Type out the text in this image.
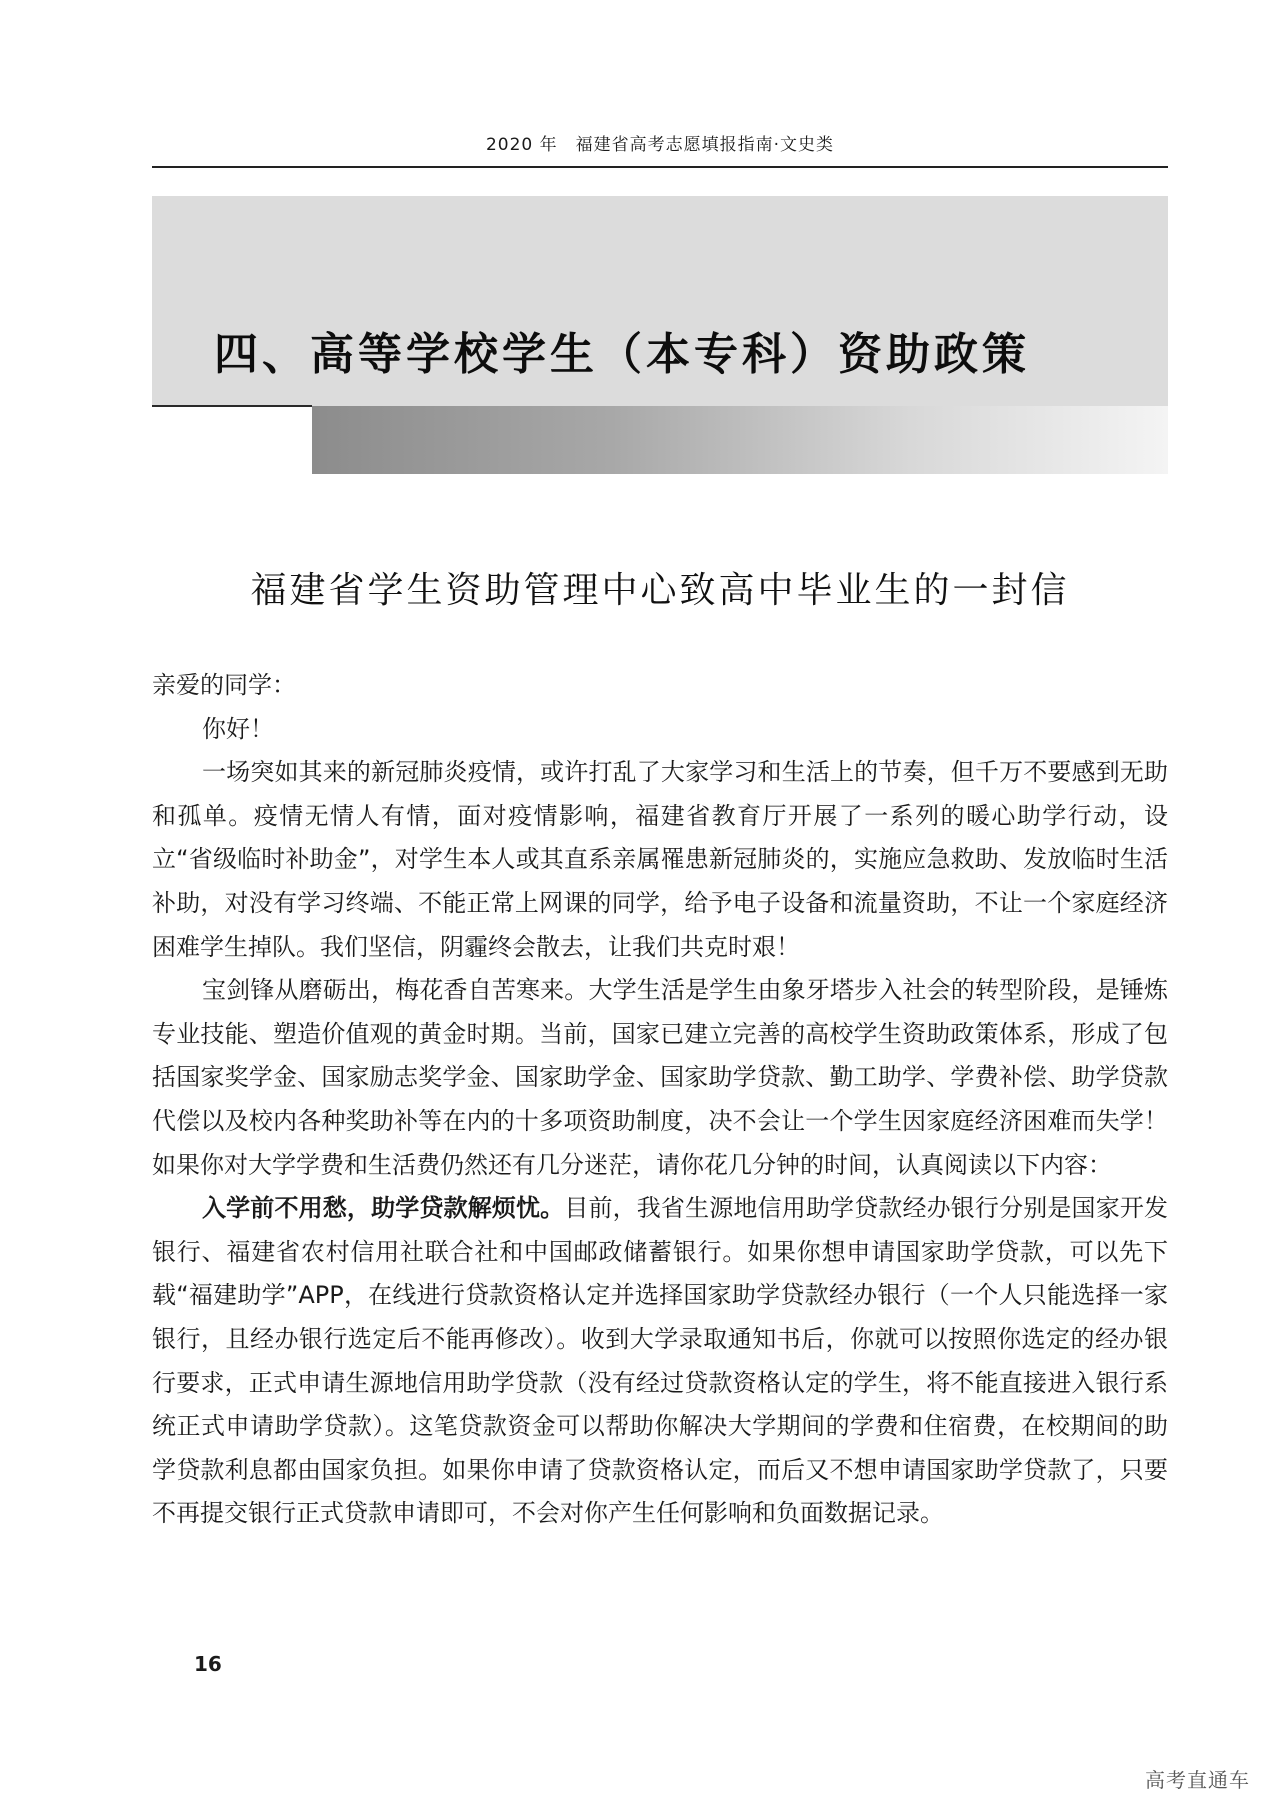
2020 年 福建省高考志愿填报指南·文史类
四、高等学校学生（本专科）资助政策
福建省学生资助管理中心致高中毕业生的一封信

亲爱的同学：

你好！

一场突如其来的新冠肺炎疫情，或许打乱了大家学习和生活上的节奏，但千万不要感到无助和孤单。疫情无情人有情，面对疫情影响，福建省教育厅开展了一系列的暖心助学行动，设立“省级临时补助金”，对学生本人或其直系亲属罹患新冠肺炎的，实施应急救助、发放临时生活补助，对没有学习终端、不能正常上网课的同学，给予电子设备和流量资助，不让一个家庭经济困难学生掉队。我们坚信，阴霾终会散去，让我们共克时艰！

宝剑锋从磨砺出，梅花香自苦寒来。大学生活是学生由象牙塔步入社会的转型阶段，是锤炼专业技能、塑造价值观的黄金时期。当前，国家已建立完善的高校学生资助政策体系，形成了包括国家奖学金、国家励志奖学金、国家助学金、国家助学贷款、勤工助学、学费补偿、助学贷款代偿以及校内各种奖助补等在内的十多项资助制度，决不会让一个学生因家庭经济困难而失学！如果你对大学学费和生活费仍然还有几分迷茫，请你花几分钟的时间，认真阅读以下内容：

入学前不用愁，助学贷款解烦忧。目前，我省生源地信用助学贷款经办银行分别是国家开发银行、福建省农村信用社联合社和中国邮政储蓄银行。如果你想申请国家助学贷款，可以先下载“福建助学”APP，在线进行贷款资格认定并选择国家助学贷款经办银行（一个人只能选择一家银行，且经办银行选定后不能再修改）。收到大学录取通知书后，你就可以按照你选定的经办银行要求，正式申请生源地信用助学贷款（没有经过贷款资格认定的学生，将不能直接进入银行系统正式申请助学贷款）。这笔贷款资金可以帮助你解决大学期间的学费和住宿费，在校期间的助学贷款利息都由国家负担。如果你申请了贷款资格认定，而后又不想申请国家助学贷款了，只要不再提交银行正式贷款申请即可，不会对你产生任何影响和负面数据记录。

16
高考直通车
